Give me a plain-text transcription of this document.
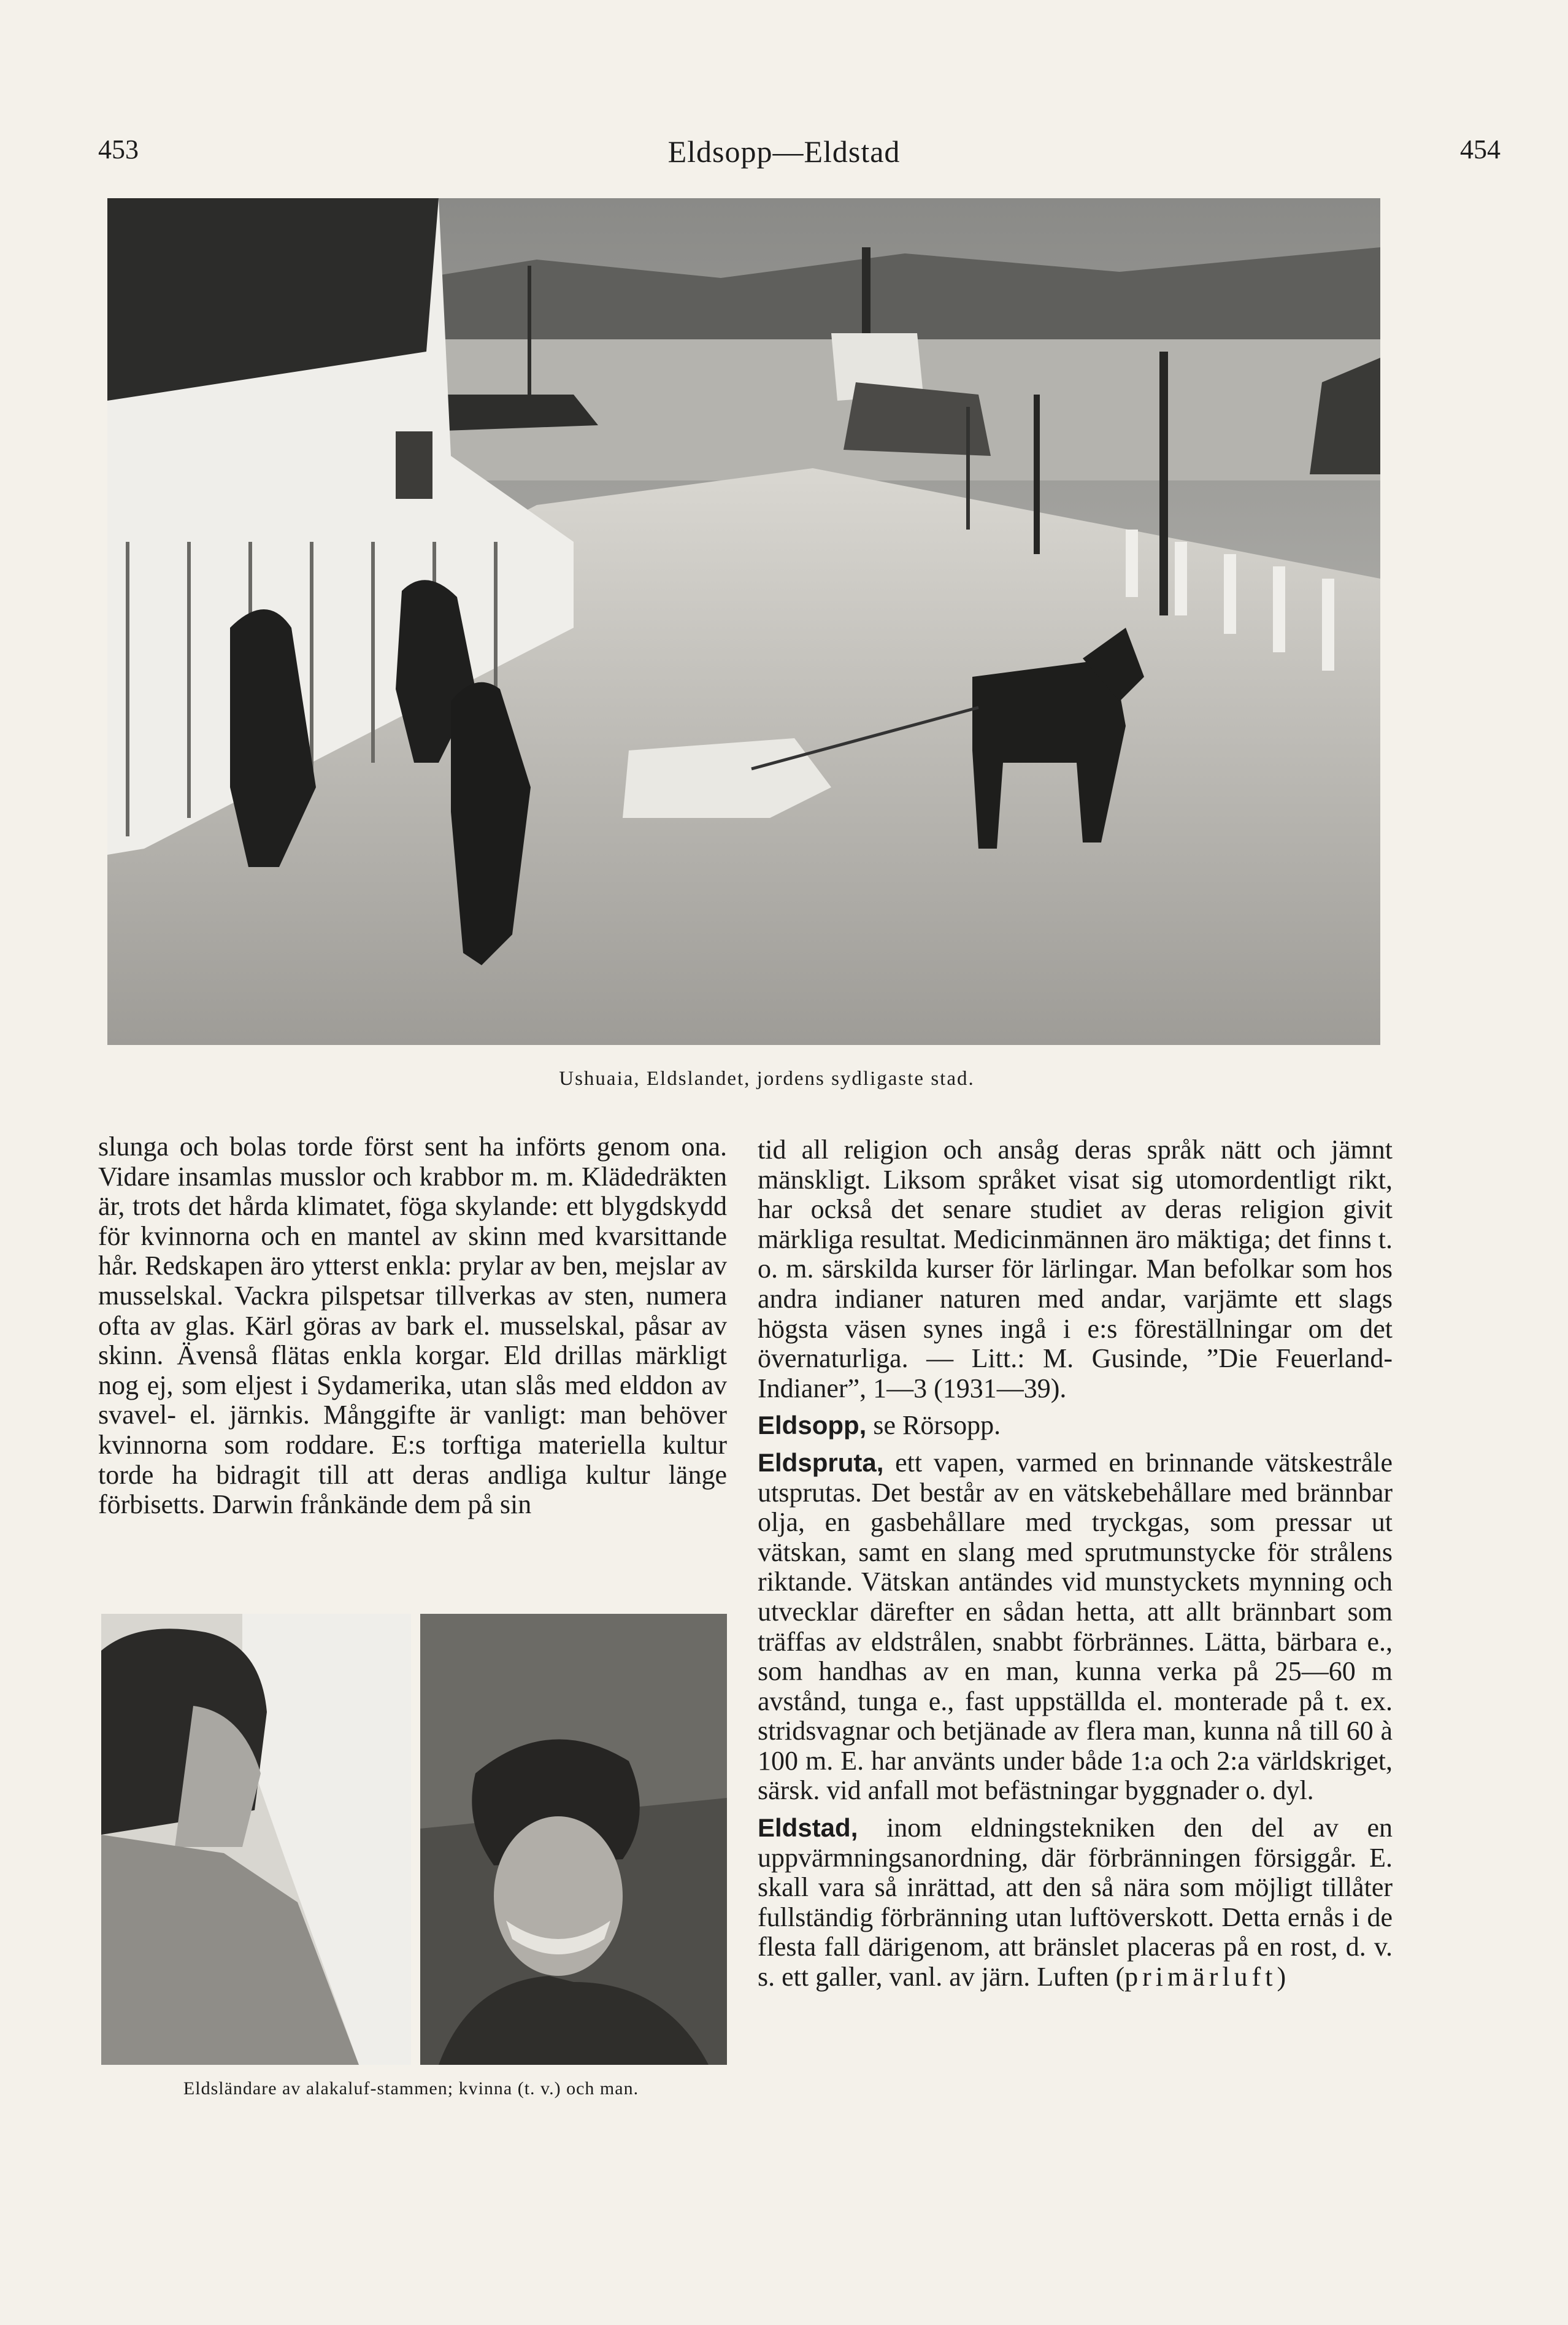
453	Eldsopp—Eldstad	454
Ushuaia, Eldslandet, jordens sydligaste stad.
slunga och bolas torde först sent ha införts genom ona. Vidare insamlas musslor och krabbor m. m. Klädedräkten är, trots det hårda klimatet, föga skylande: ett blygdskydd för kvinnorna och en mantel av skinn med kvarsittande hår. Redskapen äro ytterst enkla: prylar av ben, mejslar av musselskal. Vackra pilspetsar tillverkas av sten, numera ofta av glas. Kärl göras av bark el. musselskal, påsar av skinn. Ävenså flätas enkla korgar. Eld drillas märkligt nog ej, som eljest i Sydamerika, utan slås med elddon av svavel- el. järnkis. Månggifte är vanligt: man behöver kvinnorna som roddare. E:s torftiga materiella kultur torde ha bidragit till att deras andliga kultur länge förbisetts. Darwin frånkände dem på sin
Eldsländare av alakaluf-stammen; kvinna (t. v.) och man.

tid all religion och ansåg deras språk nätt och jämnt mänskligt. Liksom språket visat sig utomordentligt rikt, har också det senare studiet av deras religion givit märkliga resultat. Medicinmännen äro mäktiga; det finns t. o. m. särskilda kurser för lärlingar. Man befolkar som hos andra indianer naturen med andar, varjämte ett slags högsta väsen synes ingå i e:s föreställningar om det övernaturliga. — Litt.: M. Gusinde, ”Die Feuerland-Indianer”, 1—3 (1931—39).

Eldsopp, se Rörsopp.

Eldspruta, ett vapen, varmed en brinnande vätskestråle utsprutas. Det består av en vätskebehållare med brännbar olja, en gasbehållare med tryckgas, som pressar ut vätskan, samt en slang med sprutmunstycke för strålens riktande. Vätskan antändes vid munstyckets mynning och utvecklar därefter en sådan hetta, att allt brännbart som träffas av eldstrålen, snabbt förbrännes. Lätta, bärbara e., som handhas av en man, kunna verka på 25—60 m avstånd, tunga e., fast uppställda el. monterade på t. ex. stridsvagnar och betjänade av flera man, kunna nå till 60 à 100 m. E. har använts under både 1:a och 2:a världskriget, särsk. vid anfall mot befästningar byggnader o. dyl.

Eldstad, inom eldningstekniken den del av en uppvärmningsanordning, där förbränningen försiggår. E. skall vara så inrättad, att den så nära som möjligt tillåter fullständig förbränning utan luftöverskott. Detta ernås i de flesta fall därigenom, att bränslet placeras på en rost, d. v. s. ett galler, vanl. av järn. Luften (primärluft)
